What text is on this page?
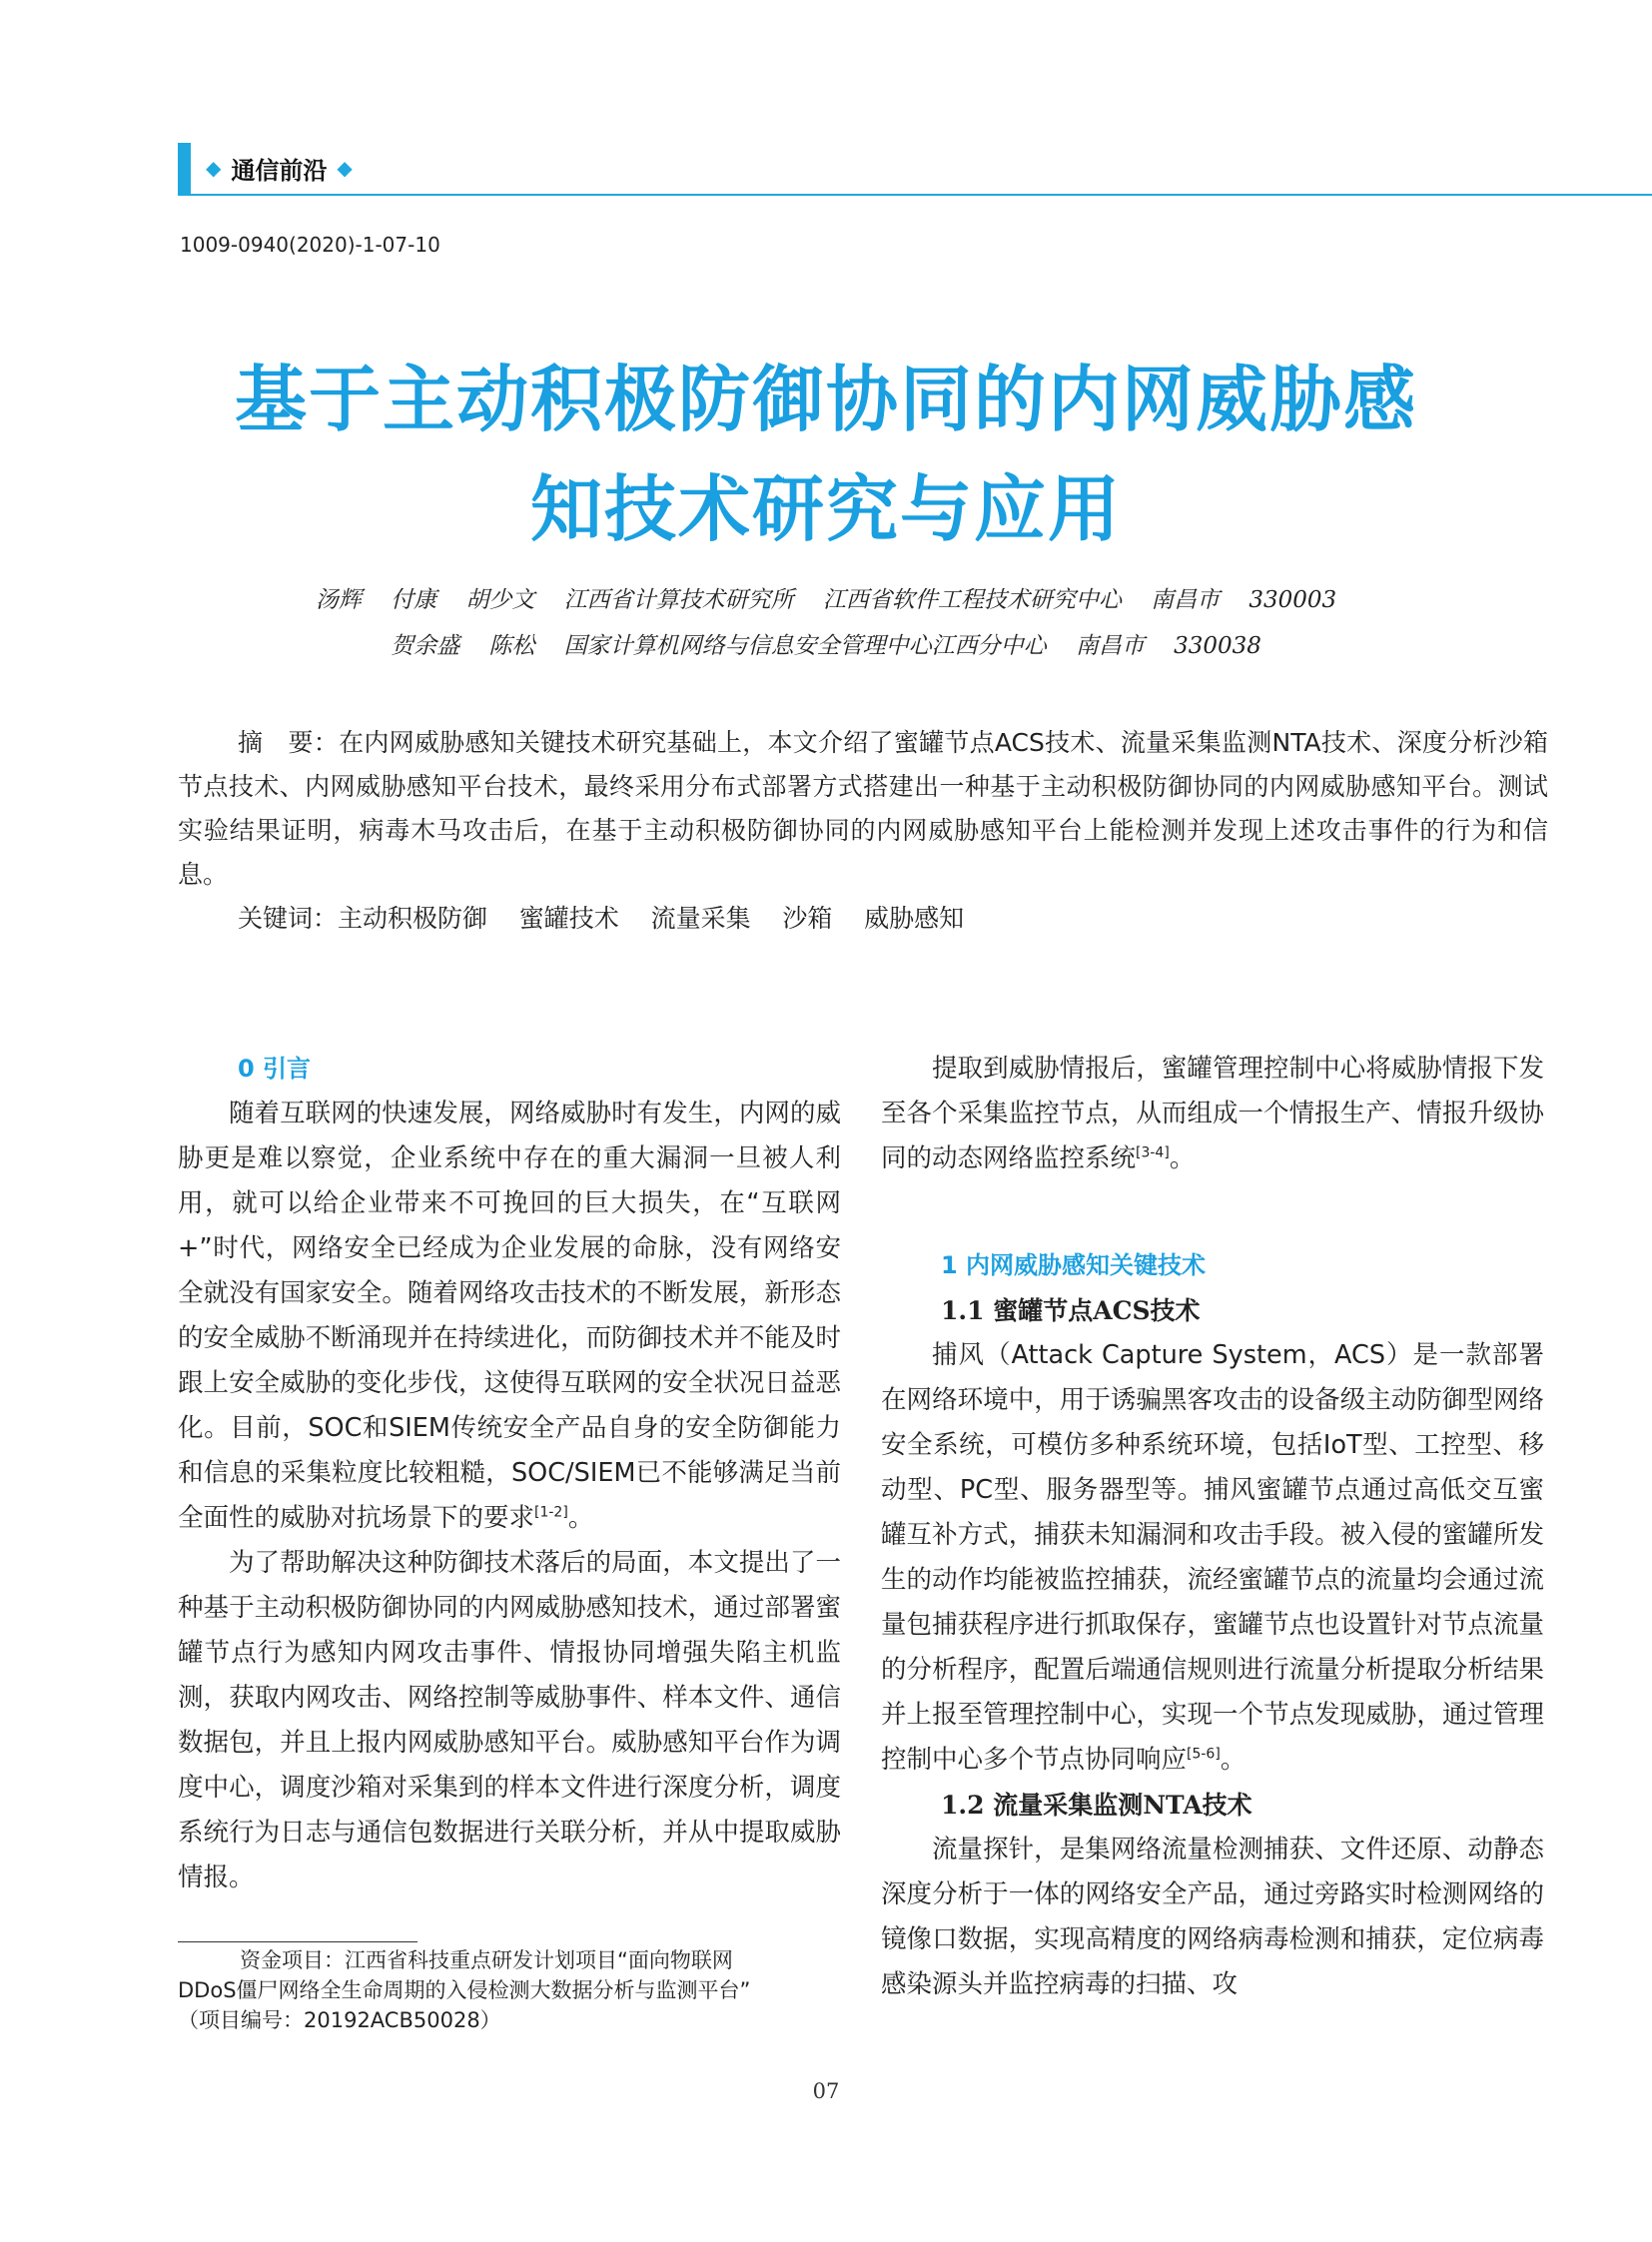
◆ 通信前沿 ◆
1009-0940(2020)-1-07-10
基于主动积极防御协同的内网威胁感
知技术研究与应用
汤辉    付康    胡少文    江西省计算技术研究所    江西省软件工程技术研究中心    南昌市    330003
贺余盛    陈松    国家计算机网络与信息安全管理中心江西分中心    南昌市    330038
摘　要：在内网威胁感知关键技术研究基础上，本文介绍了蜜罐节点ACS技术、流量采集监测NTA技术、深度分析沙箱节点技术、内网威胁感知平台技术，最终采用分布式部署方式搭建出一种基于主动积极防御协同的内网威胁感知平台。测试实验结果证明，病毒木马攻击后，在基于主动积极防御协同的内网威胁感知平台上能检测并发现上述攻击事件的行为和信息。
关键词：主动积极防御    蜜罐技术    流量采集    沙箱    威胁感知
0 引言

随着互联网的快速发展，网络威胁时有发生，内网的威胁更是难以察觉，企业系统中存在的重大漏洞一旦被人利用，就可以给企业带来不可挽回的巨大损失，在“互联网+”时代，网络安全已经成为企业发展的命脉，没有网络安全就没有国家安全。随着网络攻击技术的不断发展，新形态的安全威胁不断涌现并在持续进化，而防御技术并不能及时跟上安全威胁的变化步伐，这使得互联网的安全状况日益恶化。目前，SOC和SIEM传统安全产品自身的安全防御能力和信息的采集粒度比较粗糙，SOC/SIEM已不能够满足当前全面性的威胁对抗场景下的要求[1-2]。

为了帮助解决这种防御技术落后的局面，本文提出了一种基于主动积极防御协同的内网威胁感知技术，通过部署蜜罐节点行为感知内网攻击事件、情报协同增强失陷主机监测，获取内网攻击、网络控制等威胁事件、样本文件、通信数据包，并且上报内网威胁感知平台。威胁感知平台作为调度中心，调度沙箱对采集到的样本文件进行深度分析，调度系统行为日志与通信包数据进行关联分析，并从中提取威胁情报。

资金项目：江西省科技重点研发计划项目“面向物联网
DDoS僵尸网络全生命周期的入侵检测大数据分析与监测平台”
（项目编号：20192ACB50028）

提取到威胁情报后，蜜罐管理控制中心将威胁情报下发至各个采集监控节点，从而组成一个情报生产、情报升级协同的动态网络监控系统[3-4]。

1 内网威胁感知关键技术
1.1 蜜罐节点ACS技术

捕风（Attack Capture System，ACS）是一款部署在网络环境中，用于诱骗黑客攻击的设备级主动防御型网络安全系统，可模仿多种系统环境，包括IoT型、工控型、移动型、PC型、服务器型等。捕风蜜罐节点通过高低交互蜜罐互补方式，捕获未知漏洞和攻击手段。被入侵的蜜罐所发生的动作均能被监控捕获，流经蜜罐节点的流量均会通过流量包捕获程序进行抓取保存，蜜罐节点也设置针对节点流量的分析程序，配置后端通信规则进行流量分析提取分析结果并上报至管理控制中心，实现一个节点发现威胁，通过管理控制中心多个节点协同响应[5-6]。

1.2 流量采集监测NTA技术

流量探针，是集网络流量检测捕获、文件还原、动静态深度分析于一体的网络安全产品，通过旁路实时检测网络的镜像口数据，实现高精度的网络病毒检测和捕获，定位病毒感染源头并监控病毒的扫描、攻

07
